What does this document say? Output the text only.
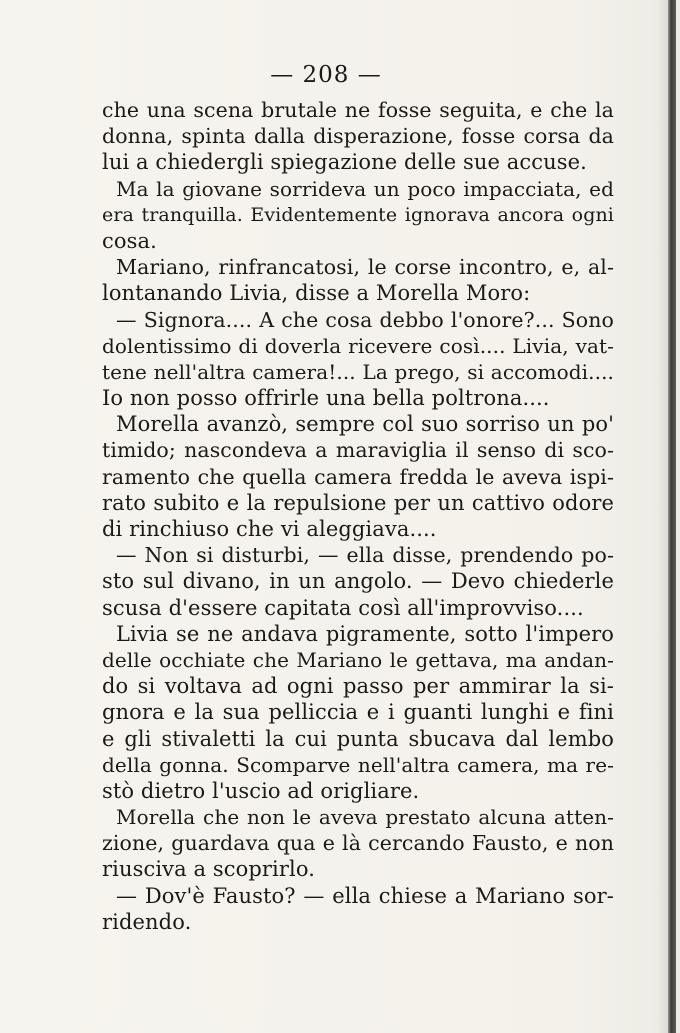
— 208 —
che una scena brutale ne fosse seguita, e che la
donna, spinta dalla disperazione, fosse corsa da
lui a chiedergli spiegazione delle sue accuse.
Ma la giovane sorrideva un poco impacciata, ed
era tranquilla. Evidentemente ignorava ancora ogni
cosa.
Mariano, rinfrancatosi, le corse incontro, e, al-
lontanando Livia, disse a Morella Moro:
— Signora.... A che cosa debbo l'onore?... Sono
dolentissimo di doverla ricevere così.... Livia, vat-
tene nell'altra camera!... La prego, si accomodi....
Io non posso offrirle una bella poltrona....
Morella avanzò, sempre col suo sorriso un po'
timido; nascondeva a maraviglia il senso di sco-
ramento che quella camera fredda le aveva ispi-
rato subito e la repulsione per un cattivo odore
di rinchiuso che vi aleggiava....
— Non si disturbi, — ella disse, prendendo po-
sto sul divano, in un angolo. — Devo chiederle
scusa d'essere capitata così all'improvviso....
Livia se ne andava pigramente, sotto l'impero
delle occhiate che Mariano le gettava, ma andan-
do si voltava ad ogni passo per ammirar la si-
gnora e la sua pelliccia e i guanti lunghi e fini
e gli stivaletti la cui punta sbucava dal lembo
della gonna. Scomparve nell'altra camera, ma re-
stò dietro l'uscio ad origliare.
Morella che non le aveva prestato alcuna atten-
zione, guardava qua e là cercando Fausto, e non
riusciva a scoprirlo.
— Dov'è Fausto? — ella chiese a Mariano sor-
ridendo.
